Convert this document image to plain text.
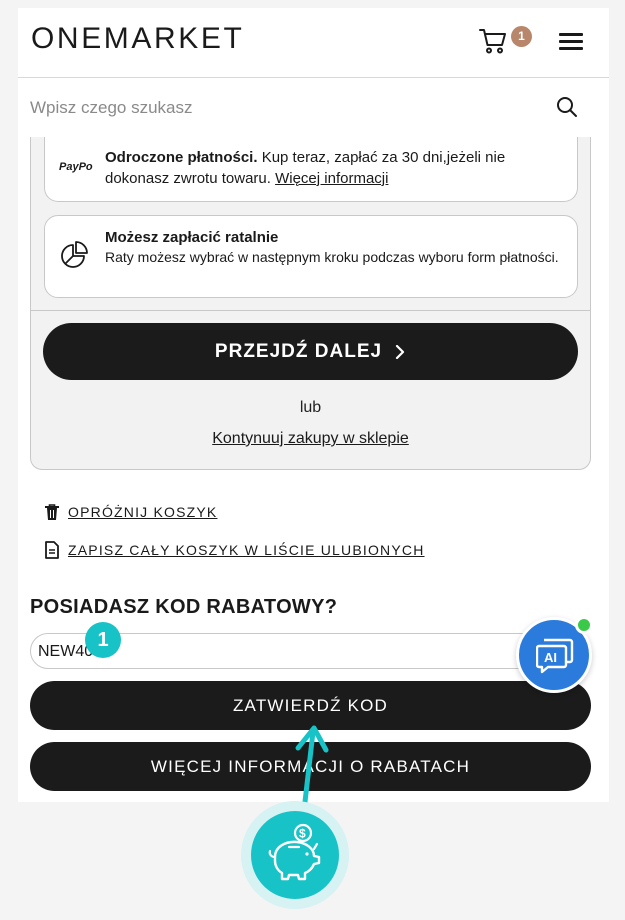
ONEMARKET	1
Wpisz czego szukasz
PayPo
Odroczone płatności. Kup teraz, zapłać za 30 dni,jeżeli nie dokonasz zwrotu towaru. Więcej informacji
Możesz zapłacić ratalnie
Raty możesz wybrać w następnym kroku podczas wyboru form płatności.
PRZEJDŹ DALEJ
lub
Kontynuuj zakupy w sklepie
OPRÓŻNIJ KOSZYK
ZAPISZ CAŁY KOSZYK W LIŚCIE ULUBIONYCH
POSIADASZ KOD RABATOWY?
NEW40
ZATWIERDŹ KOD
WIĘCEJ INFORMACJI O RABATACH
1
AI
$
